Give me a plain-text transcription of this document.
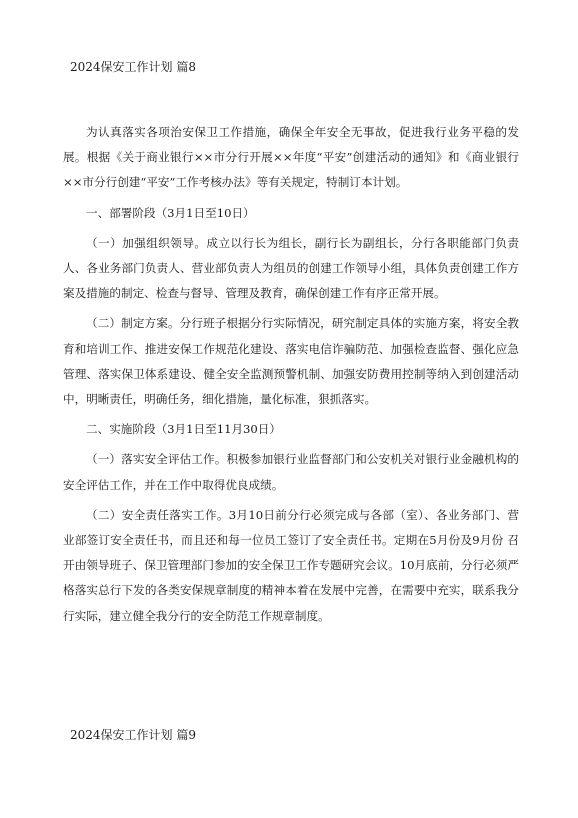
2024保安工作计划 篇8

为认真落实各项治安保卫工作措施，确保全年安全无事故，促进我行业务平稳的发展。根据《关于商业银行××市分行开展××年度“平安”创建活动的通知》和《商业银行××市分行创建“平安”工作考核办法》等有关规定，特制订本计划。

一、部署阶段（3月1日至10日）

（一）加强组织领导。成立以行长为组长，副行长为副组长，分行各职能部门负责人、各业务部门负责人、营业部负责人为组员的创建工作领导小组，具体负责创建工作方案及措施的制定、检查与督导、管理及教育，确保创建工作有序正常开展。

（二）制定方案。分行班子根据分行实际情况，研究制定具体的实施方案，将安全教育和培训工作、推进安保工作规范化建设、落实电信诈骗防范、加强检查监督、强化应急管理、落实保卫体系建设、健全安全监测预警机制、加强安防费用控制等纳入到创建活动中，明晰责任，明确任务，细化措施，量化标准，狠抓落实。

二、实施阶段（3月1日至11月30日）

（一）落实安全评估工作。积极参加银行业监督部门和公安机关对银行业金融机构的安全评估工作，并在工作中取得优良成绩。

（二）安全责任落实工作。3月10日前分行必须完成与各部（室）、各业务部门、营业部签订安全责任书，而且还和每一位员工签订了安全责任书。定期在5月份及9月份 召开由领导班子、保卫管理部门参加的安全保卫工作专题研究会议。10月底前，分行必须严格落实总行下发的各类安保规章制度的精神本着在发展中完善，在需要中充实，联系我分行实际，建立健全我分行的安全防范工作规章制度。

2024保安工作计划 篇9
